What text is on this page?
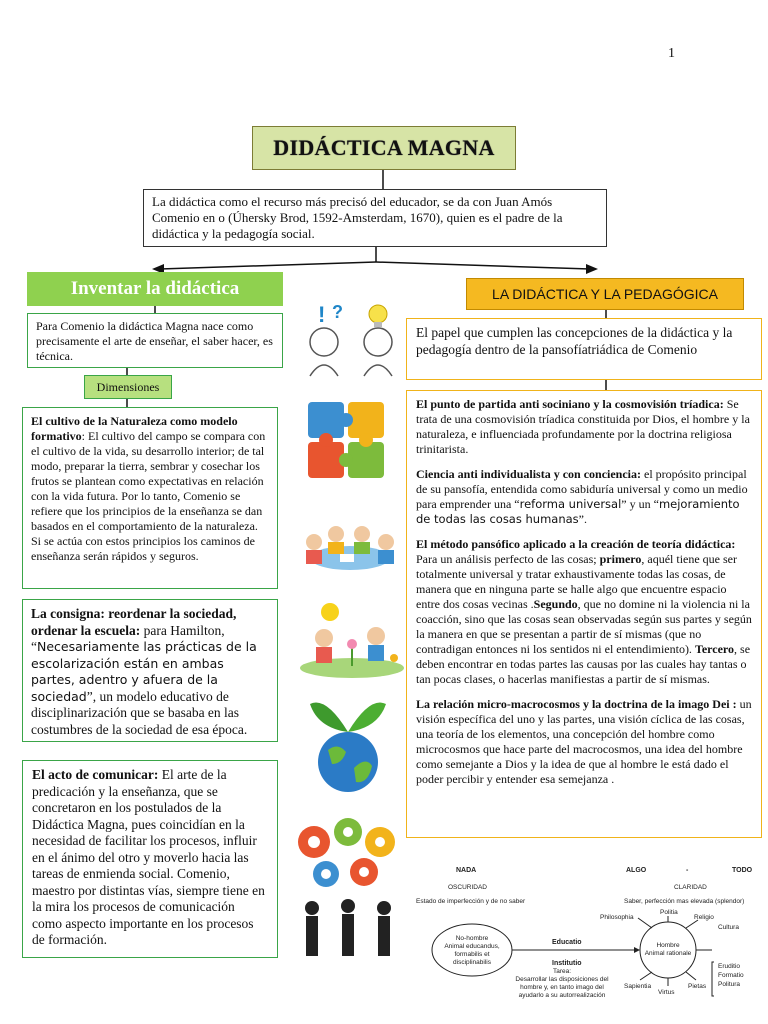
1
DIDÁCTICA MAGNA
La didáctica como el recurso más precisó del educador, se da con Juan Amós Comenio en o (Úhersky Brod, 1592-Amsterdam, 1670), quien es el padre de la didáctica y la pedagogía social.
Inventar la didáctica
Para Comenio la didáctica Magna nace como precisamente el arte de enseñar, el saber hacer, es técnica.
Dimensiones
El cultivo de la Naturaleza como modelo formativo: El cultivo del campo se compara con el cultivo de la vida, su desarrollo interior; de tal modo, preparar la tierra, sembrar y cosechar los frutos se plantean como expectativas en relación con la vida futura. Por lo tanto, Comenio se refiere que los principios de la enseñanza se dan basados en el comportamiento de la naturaleza. Si se actúa con estos principios los caminos de enseñanza serán rápidos y seguros.
La consigna: reordenar la sociedad, ordenar la escuela: para Hamilton, “Necesariamente las prácticas de la escolarización están en ambas partes, adentro y afuera de la sociedad”, un modelo educativo de disciplinarización que se basaba en las costumbres de la sociedad de esa época.
El acto de comunicar: El arte de la predicación y la enseñanza, que se concretaron en los postulados de la Didáctica Magna, pues coincidían en la necesidad de facilitar los procesos, influir en el ánimo del otro y moverlo hacia las tareas de enmienda social. Comenio, maestro por distintas vías, siempre tiene en la mira los procesos de comunicación como aspecto importante en los procesos de formación.
! ?
LA DIDÁCTICA Y LA PEDAGÓGICA
El papel que cumplen las concepciones de la didáctica y la pedagogía dentro de la pansofíatriádica de Comenio

El punto de partida anti sociniano y la cosmovisión tríadica: Se trata de una cosmovisión tríadica constituida por Dios, el hombre y la naturaleza, e influenciada profundamente por la doctrina religiosa trinitarista.

Ciencia anti individualista y con conciencia: el propósito principal de su pansofía, entendida como sabiduría universal y como un medio para emprender una “reforma universal” y un “mejoramiento de todas las cosas humanas”.

El método pansófico aplicado a la creación de teoría didáctica: Para un análisis perfecto de las cosas; primero, aquél tiene que ser totalmente universal y tratar exhaustivamente todas las cosas, de manera que en ninguna parte se halle algo que encuentre espacio entre dos cosas vecinas .Segundo, que no domine ni la violencia ni la coacción, sino que las cosas sean observadas según sus partes y según la manera en que se presentan a partir de sí mismas (que no contradigan entonces ni los sentidos ni el entendimiento). Tercero, se deben encontrar en todas partes las causas por las cuales hay tantas o tan pocas clases, o hacerlas manifiestas a partir de sí mismas.

La relación micro-macrocosmos y la doctrina de la imago Dei : un visión específica del uno y las partes, una visión cíclica de las cosas, una teoría de los elementos, una concepción del hombre como microcosmos que hace parte del macrocosmos, una idea del hombre como semejante a Dios y la idea de que al hombre le está dado el poder percibir y entender esa semejanza .

NADA	ALGO	-	TODO
OSCURIDAD	CLARIDAD
Estado de imperfección y de no saber	Saber, perfección mas elevada (splendor)
No-hombre
Animal educandus,
formabilis et
disciplinabilis
Educatio
Institutio
Tarea:
Desarrollar las disposiciones del
hombre y, en tanto imago del
ayudarlo a su autorrealización
Hombre
Animal rationale
Philosophia
Politia
Religio
Cultura
Sapientia
Virtus
Pietas
Eruditio
Formatio
Politura
